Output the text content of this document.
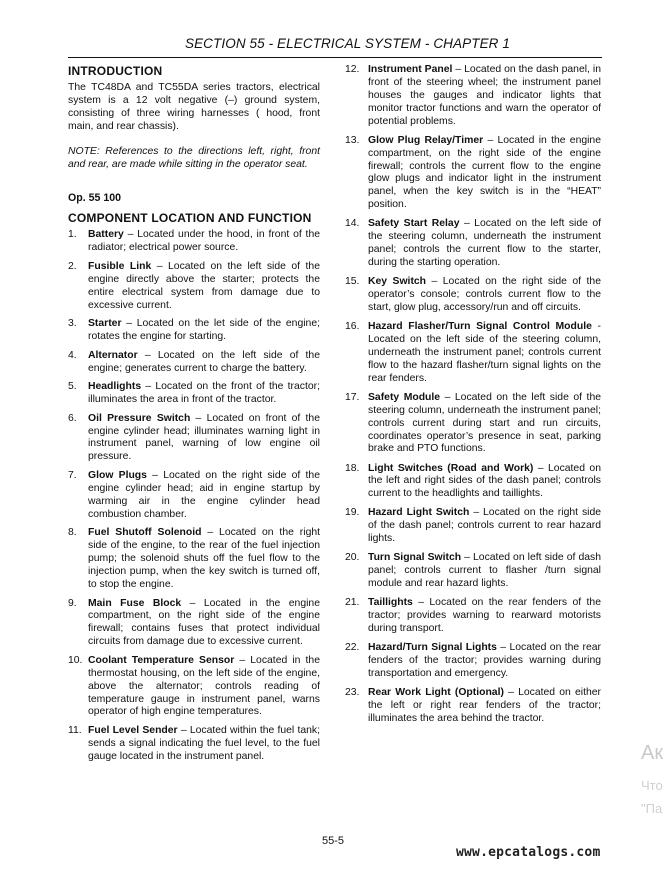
SECTION 55 - ELECTRICAL SYSTEM - CHAPTER 1
INTRODUCTION

The TC48DA and TC55DA series tractors, electrical system is a 12 volt negative (–) ground system, consisting of three wiring harnesses ( hood, front main, and rear chassis).

NOTE: References to the directions left, right, front and rear, are made while sitting in the operator seat.

Op. 55 100
COMPONENT LOCATION AND FUNCTION
1. Battery – Located under the hood, in front of the radiator; electrical power source.
2. Fusible Link – Located on the left side of the engine directly above the starter; protects the entire electrical system from damage due to excessive current.
3. Starter – Located on the let side of the engine; rotates the engine for starting.
4. Alternator – Located on the left side of the engine; generates current to charge the battery.
5. Headlights – Located on the front of the tractor; illuminates the area in front of the tractor.
6. Oil Pressure Switch – Located on front of the engine cylinder head; illuminates warning light in instrument panel, warning of low engine oil pressure.
7. Glow Plugs – Located on the right side of the engine cylinder head; aid in engine startup by warming air in the engine cylinder head combustion chamber.
8. Fuel Shutoff Solenoid – Located on the right side of the engine, to the rear of the fuel injection pump; the solenoid shuts off the fuel flow to the injection pump, when the key switch is turned off, to stop the engine.
9. Main Fuse Block – Located in the engine compartment, on the right side of the engine firewall; contains fuses that protect individual circuits from damage due to excessive current.
10. Coolant Temperature Sensor – Located in the thermostat housing, on the left side of the engine, above the alternator; controls reading of temperature gauge in instrument panel, warns operator of high engine temperatures.
11. Fuel Level Sender – Located within the fuel tank; sends a signal indicating the fuel level, to the fuel gauge located in the instrument panel.
12. Instrument Panel – Located on the dash panel, in front of the steering wheel; the instrument panel houses the gauges and indicator lights that monitor tractor functions and warn the operator of potential problems.
13. Glow Plug Relay/Timer – Located in the engine compartment, on the right side of the engine firewall; controls the current flow to the engine glow plugs and indicator light in the instrument panel, when the key switch is in the “HEAT” position.
14. Safety Start Relay – Located on the left side of the steering column, underneath the instrument panel; controls the current flow to the starter, during the starting operation.
15. Key Switch – Located on the right side of the operator’s console; controls current flow to the start, glow plug, accessory/run and off circuits.
16. Hazard Flasher/Turn Signal Control Module - Located on the left side of the steering column, underneath the instrument panel; controls current flow to the hazard flasher/turn signal lights on the rear fenders.
17. Safety Module – Located on the left side of the steering column, underneath the instrument panel; controls current during start and run circuits, coordinates operator’s presence in seat, parking brake and PTO functions.
18. Light Switches (Road and Work) – Located on the left and right sides of the dash panel; controls current to the headlights and taillights.
19. Hazard Light Switch – Located on the right side of the dash panel; controls current to rear hazard lights.
20. Turn Signal Switch – Located on left side of dash panel; controls current to flasher /turn signal module and rear hazard lights.
21. Taillights – Located on the rear fenders of the tractor; provides warning to rearward motorists during transport.
22. Hazard/Turn Signal Lights – Located on the rear fenders of the tractor; provides warning during transportation and emergency.
23. Rear Work Light (Optional) – Located on either the left or right rear fenders of the tractor; illuminates the area behind the tractor.
55-5
www.epcatalogs.com
Ак
Что
"Па
